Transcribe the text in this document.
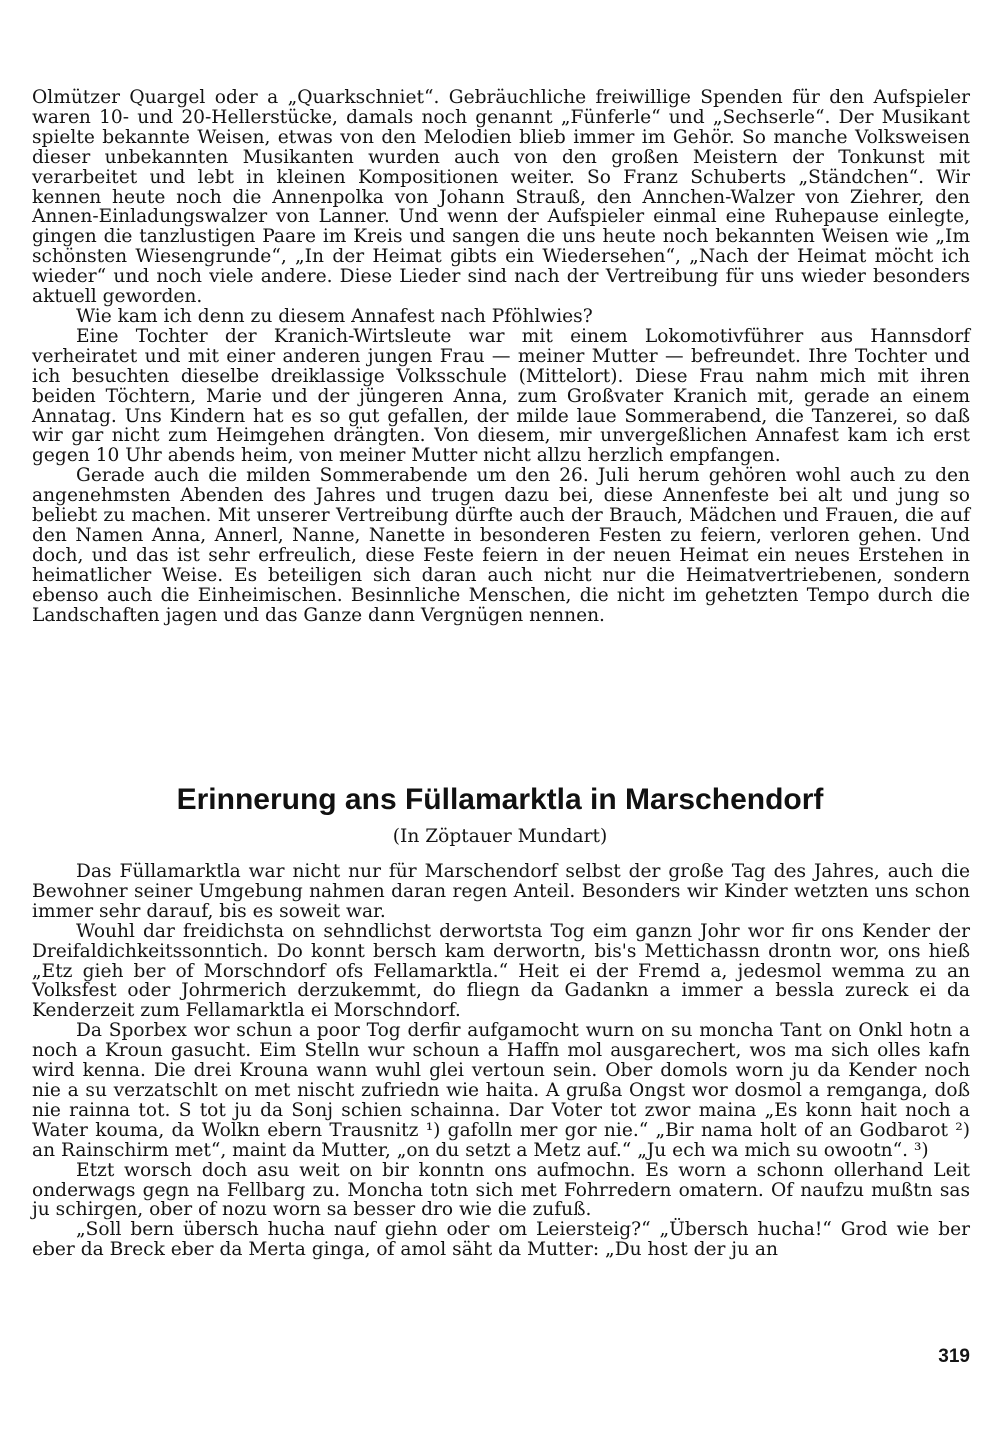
Olmützer Quargel oder a „Quarkschniet“. Gebräuchliche freiwillige Spenden für den Aufspieler waren 10- und 20-Hellerstücke, damals noch genannt „Fünferle“ und „Sechserle“. Der Musikant spielte bekannte Weisen, etwas von den Melodien blieb immer im Gehör. So manche Volksweisen dieser unbekannten Musikanten wurden auch von den großen Meistern der Tonkunst mit verarbeitet und lebt in kleinen Kompositionen weiter. So Franz Schuberts „Ständchen“. Wir kennen heute noch die Annenpolka von Johann Strauß, den Annchen-Walzer von Ziehrer, den Annen-Einladungswalzer von Lanner. Und wenn der Aufspieler einmal eine Ruhepause einlegte, gingen die tanzlustigen Paare im Kreis und sangen die uns heute noch bekannten Weisen wie „Im schönsten Wiesengrunde“, „In der Heimat gibts ein Wiedersehen“, „Nach der Heimat möcht ich wieder“ und noch viele andere. Diese Lieder sind nach der Vertreibung für uns wieder besonders aktuell geworden.

Wie kam ich denn zu diesem Annafest nach Pföhlwies?

Eine Tochter der Kranich-Wirtsleute war mit einem Lokomotivführer aus Hannsdorf verheiratet und mit einer anderen jungen Frau — meiner Mutter — befreundet. Ihre Tochter und ich besuchten dieselbe dreiklassige Volksschule (Mittelort). Diese Frau nahm mich mit ihren beiden Töchtern, Marie und der jüngeren Anna, zum Großvater Kranich mit, gerade an einem Annatag. Uns Kindern hat es so gut gefallen, der milde laue Sommerabend, die Tanzerei, so daß wir gar nicht zum Heimgehen drängten. Von diesem, mir unvergeßlichen Annafest kam ich erst gegen 10 Uhr abends heim, von meiner Mutter nicht allzu herzlich empfangen.

Gerade auch die milden Sommerabende um den 26. Juli herum gehören wohl auch zu den angenehmsten Abenden des Jahres und trugen dazu bei, diese Annenfeste bei alt und jung so beliebt zu machen. Mit unserer Vertreibung dürfte auch der Brauch, Mädchen und Frauen, die auf den Namen Anna, Annerl, Nanne, Nanette in besonderen Festen zu feiern, verloren gehen. Und doch, und das ist sehr erfreulich, diese Feste feiern in der neuen Heimat ein neues Erstehen in heimatlicher Weise. Es beteiligen sich daran auch nicht nur die Heimatvertriebenen, sondern ebenso auch die Einheimischen. Besinnliche Menschen, die nicht im gehetzten Tempo durch die Landschaften jagen und das Ganze dann Vergnügen nennen.

Erinnerung ans Füllamarktla in Marschendorf

(In Zöptauer Mundart)

Das Füllamarktla war nicht nur für Marschendorf selbst der große Tag des Jahres, auch die Bewohner seiner Umgebung nahmen daran regen Anteil. Besonders wir Kinder wetzten uns schon immer sehr darauf, bis es soweit war.

Wouhl dar freidichsta on sehndlichst derwortsta Tog eim ganzn Johr wor fir ons Kender der Dreifaldichkeitssonntich. Do konnt bersch kam derwortn, bis's Mettichassn drontn wor, ons hieß „Etz gieh ber of Morschndorf ofs Fellamarktla.“ Heit ei der Fremd a, jedesmol wemma zu an Volksfest oder Johrmerich derzukemmt, do fliegn da Gadankn a immer a bessla zureck ei da Kenderzeit zum Fellamarktla ei Morschndorf.

Da Sporbex wor schun a poor Tog derfir aufgamocht wurn on su moncha Tant on Onkl hotn a noch a Kroun gasucht. Eim Stelln wur schoun a Haffn mol ausgarechert, wos ma sich olles kafn wird kenna. Die drei Krouna wann wuhl glei vertoun sein. Ober domols worn ju da Kender noch nie a su verzatschlt on met nischt zufriedn wie haita. A grußa Ongst wor dosmol a remganga, doß nie rainna tot. S tot ju da Sonj schien schainna. Dar Voter tot zwor maina „Es konn hait noch a Water kouma, da Wolkn ebern Trausnitz ¹) gafolln mer gor nie.“ „Bir nama holt of an Godbarot ²) an Rainschirm met“, maint da Mutter, „on du setzt a Metz auf.“ „Ju ech wa mich su owootn“. ³)

Etzt worsch doch asu weit on bir konntn ons aufmochn. Es worn a schonn ollerhand Leit onderwags gegn na Fellbarg zu. Moncha totn sich met Fohrredern omatern. Of naufzu mußtn sas ju schirgen, ober of nozu worn sa besser dro wie die zufuß.

„Soll bern übersch hucha nauf giehn oder om Leiersteig?“ „Übersch hucha!“ Grod wie ber eber da Breck eber da Merta ginga, of amol säht da Mutter: „Du host der ju an

319
